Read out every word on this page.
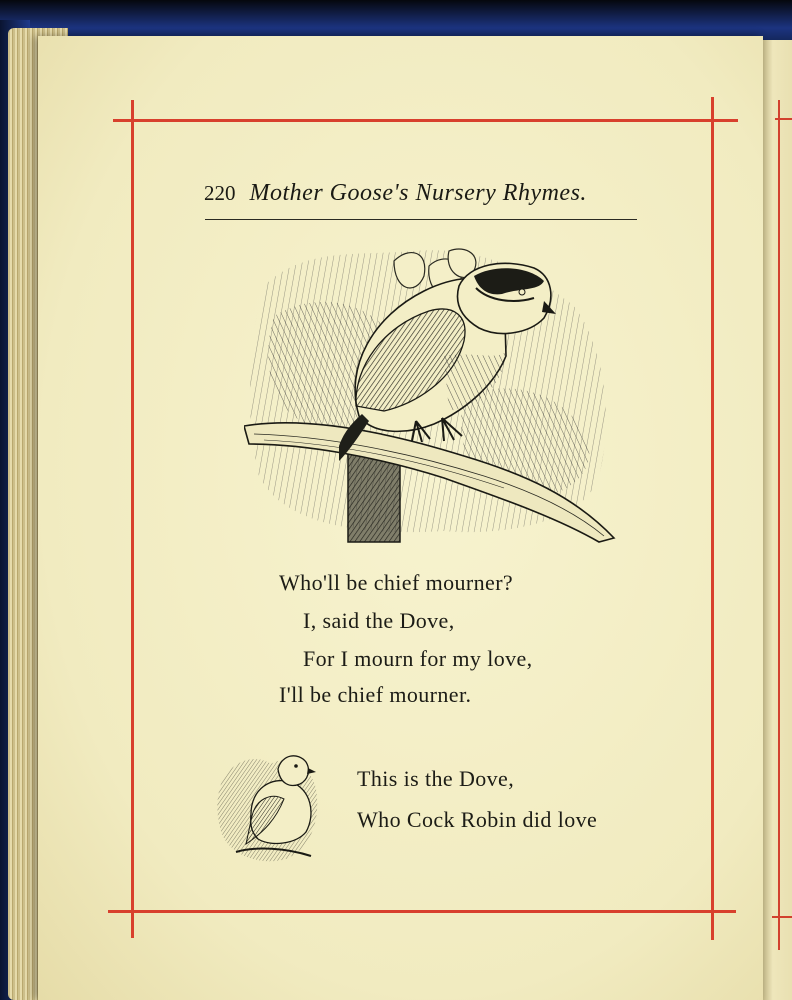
220 Mother Goose's Nursery Rhymes.
Who'll be chief mourner?
I, said the Dove,
For I mourn for my love,
I'll be chief mourner.
This is the Dove,
Who Cock Robin did love
